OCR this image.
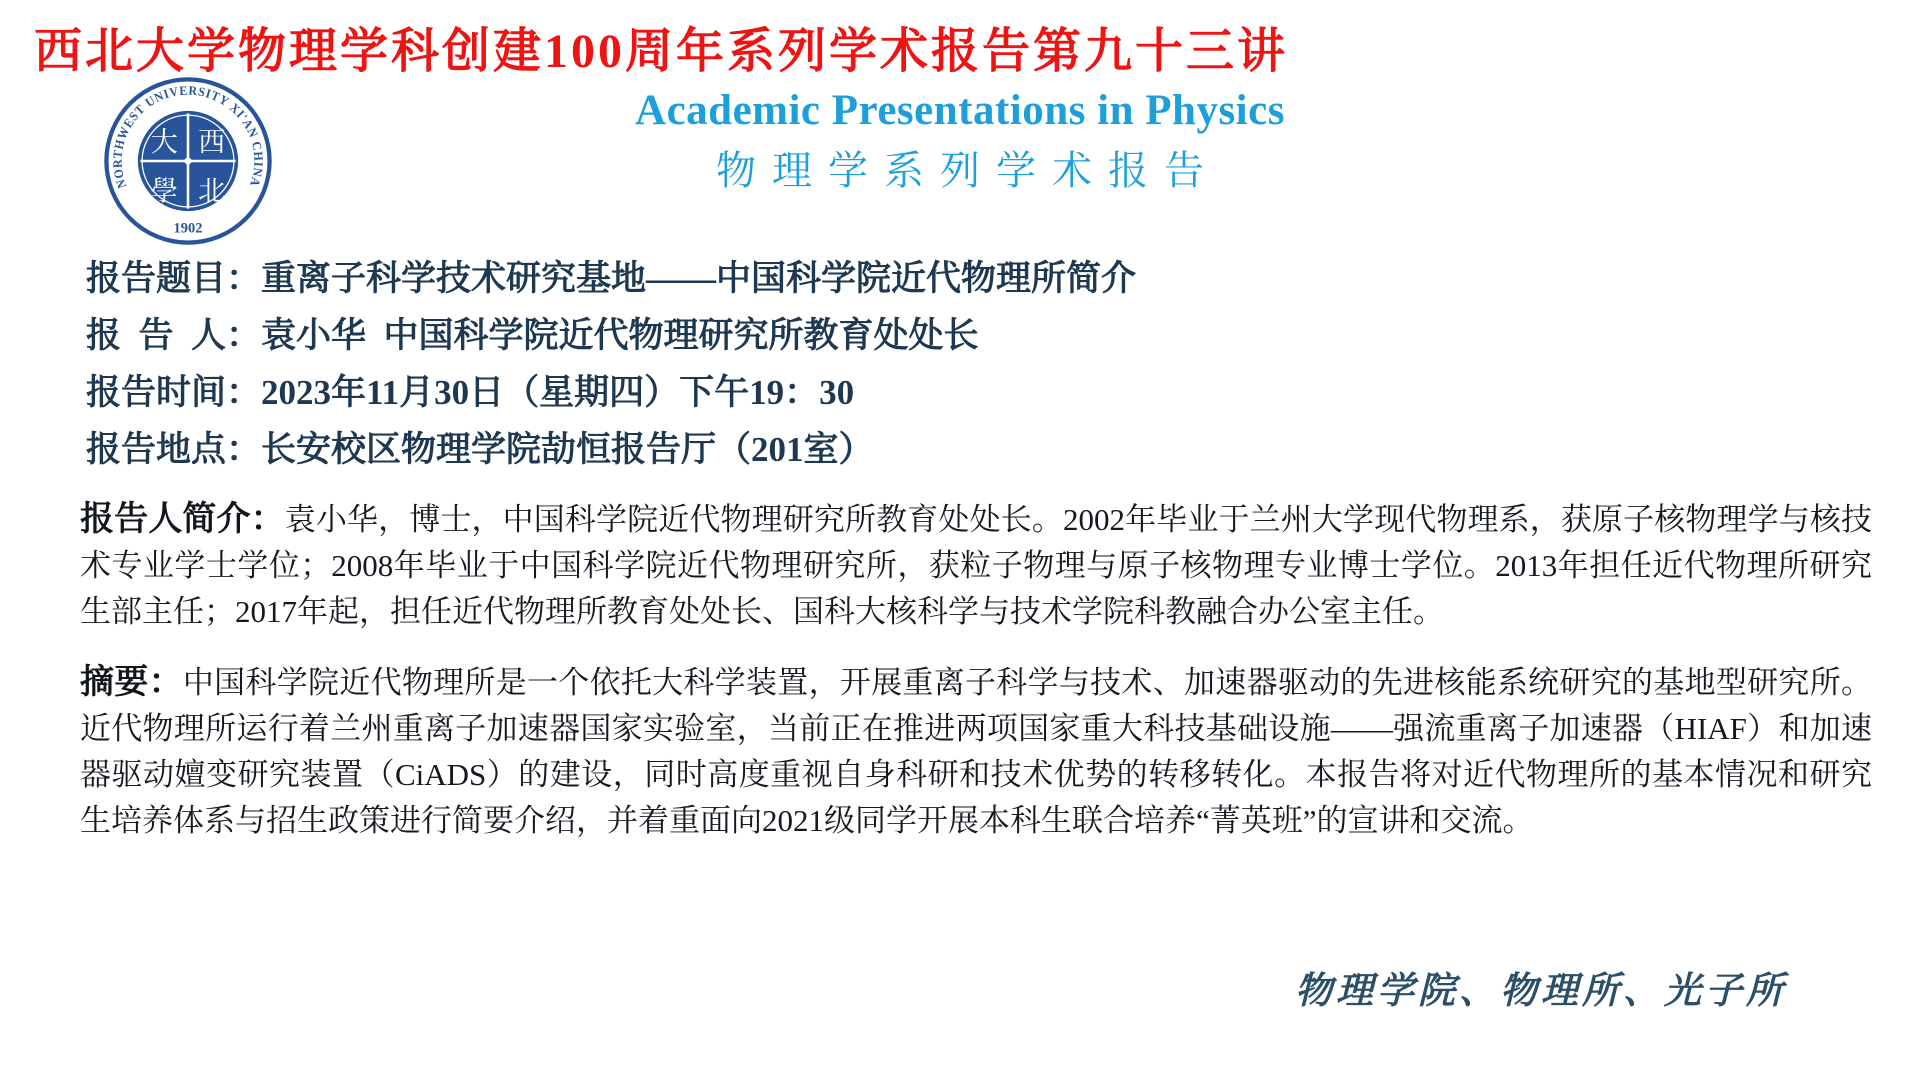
西北大学物理学科创建100周年系列学术报告第九十三讲
NORTHWEST UNIVERSITY XI'AN CHINA
1902
大 西
學 北
Academic Presentations in Physics
物理学系列学术报告
报告题目：重离子科学技术研究基地——中国科学院近代物理所简介
报  告  人：袁小华  中国科学院近代物理研究所教育处处长
报告时间：2023年11月30日（星期四）下午19：30
报告地点：长安校区物理学院劼恒报告厅（201室）
报告人简介：袁小华，博士，中国科学院近代物理研究所教育处处长。2002年毕业于兰州大学现代物理系，获原子核物理学与核技术专业学士学位；2008年毕业于中国科学院近代物理研究所，获粒子物理与原子核物理专业博士学位。2013年担任近代物理所研究生部主任；2017年起，担任近代物理所教育处处长、国科大核科学与技术学院科教融合办公室主任。
摘要：中国科学院近代物理所是一个依托大科学装置，开展重离子科学与技术、加速器驱动的先进核能系统研究的基地型研究所。近代物理所运行着兰州重离子加速器国家实验室，当前正在推进两项国家重大科技基础设施——强流重离子加速器（HIAF）和加速器驱动嬗变研究装置（CiADS）的建设，同时高度重视自身科研和技术优势的转移转化。本报告将对近代物理所的基本情况和研究生培养体系与招生政策进行简要介绍，并着重面向2021级同学开展本科生联合培养“菁英班”的宣讲和交流。
物理学院、物理所、光子所
